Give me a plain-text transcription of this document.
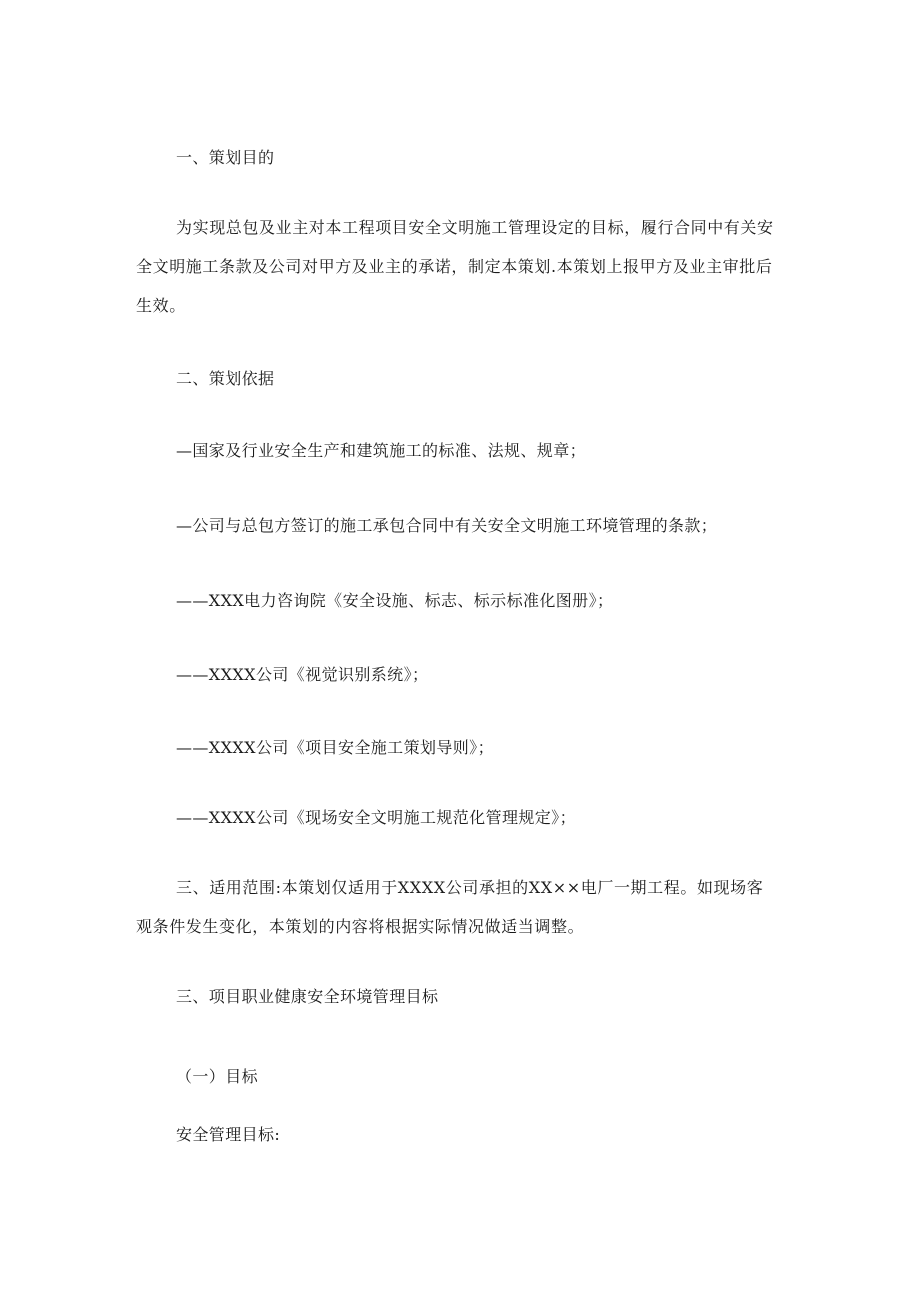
一、策划目的
为实现总包及业主对本工程项目安全文明施工管理设定的目标，履行合同中有关安全文明施工条款及公司对甲方及业主的承诺，制定本策划.本策划上报甲方及业主审批后生效。
二、策划依据
—国家及行业安全生产和建筑施工的标准、法规、规章；
—公司与总包方签订的施工承包合同中有关安全文明施工环境管理的条款；
——XXX电力咨询院《安全设施、标志、标示标准化图册》；
——XXXX公司《视觉识别系统》；
——XXXX公司《项目安全施工策划导则》；
——XXXX公司《现场安全文明施工规范化管理规定》；
三、适用范围:本策划仅适用于XXXX公司承担的XX××电厂一期工程。如现场客观条件发生变化，本策划的内容将根据实际情况做适当调整。
三、项目职业健康安全环境管理目标
（一）目标
安全管理目标:
